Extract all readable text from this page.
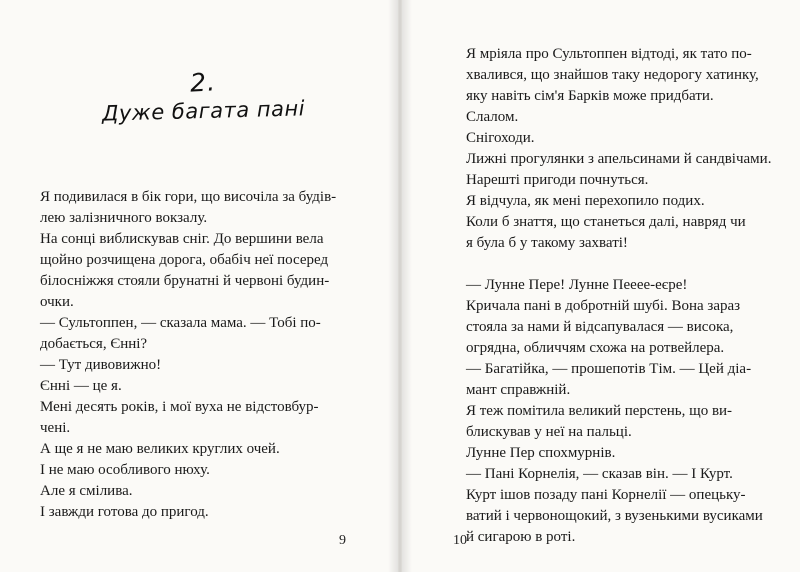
2.
Дуже багата пані
Я подивилася в бік гори, що височіла за будів-
лею залізничного вокзалу.
На сонці виблискував сніг. До вершини вела
щойно розчищена дорога, обабіч неї посеред
білосніжжя стояли брунатні й червоні будин-
очки.
— Сультоппен, — сказала мама. — Тобі по-
добається, Єнні?
— Тут дивовижно!
Єнні — це я.
Мені десять років, і мої вуха не відстовбур-
чені.
А ще я не маю великих круглих очей.
І не маю особливого нюху.
Але я смілива.
І завжди готова до пригод.
9
Я мріяла про Сультоппен відтоді, як тато по-
хвалився, що знайшов таку недорогу хатинку,
яку навіть сім'я Барків може придбати.
Слалом.
Снігоходи.
Лижні прогулянки з апельсинами й сандвічами.
Нарешті пригоди почнуться.
Я відчула, як мені перехопило подих.
Коли б знаття, що станеться далі, навряд чи
я була б у такому захваті!
— Лунне Пере! Лунне Пееее-еєре!
Кричала пані в добротній шубі. Вона зараз
стояла за нами й відсапувалася — висока,
огрядна, обличчям схожа на ротвейлера.
— Багатійка, — прошепотів Тім. — Цей діа-
мант справжній.
Я теж помітила великий перстень, що ви-
блискував у неї на пальці.
Лунне Пер спохмурнів.
— Пані Корнелія, — сказав він. — І Курт.
Курт ішов позаду пані Корнелії — опецьку-
ватий і червонощокий, з вузенькими вусиками
й сигарою в роті.
10
